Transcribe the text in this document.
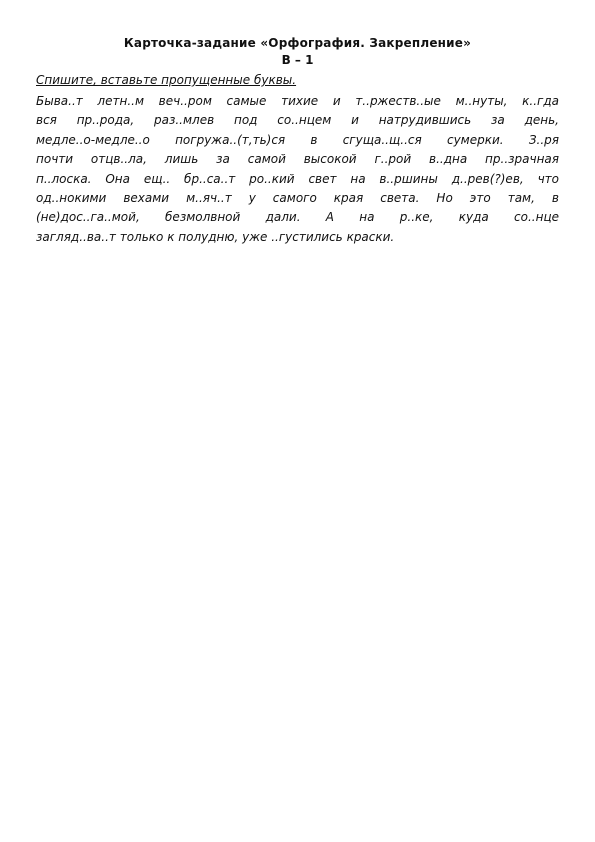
Карточка-задание «Орфография. Закрепление»
В – 1
Спишите, вставьте пропущенные буквы.
Быва..т летн..м веч..ром самые тихие и т..ржеств..ые м..нуты, к..гда
вся пр..рода, раз..млев под со..нцем и натрудившись за день,
медле..о-медле..о погружа..(т,ть)ся в сгуща..щ..ся сумерки. З..ря
почти отцв..ла, лишь за самой высокой г..рой в..дна пр..зрачная
п..лоска. Она ещ.. бр..са..т ро..кий свет на в..ршины д..рев(?)ев, что
од..нокими вехами м..яч..т у самого края света. Но это там, в
(не)дос..га..мой, безмолвной дали. А на р..ке, куда со..нце
загляд..ва..т только к полудню, уже ..густились краски.
